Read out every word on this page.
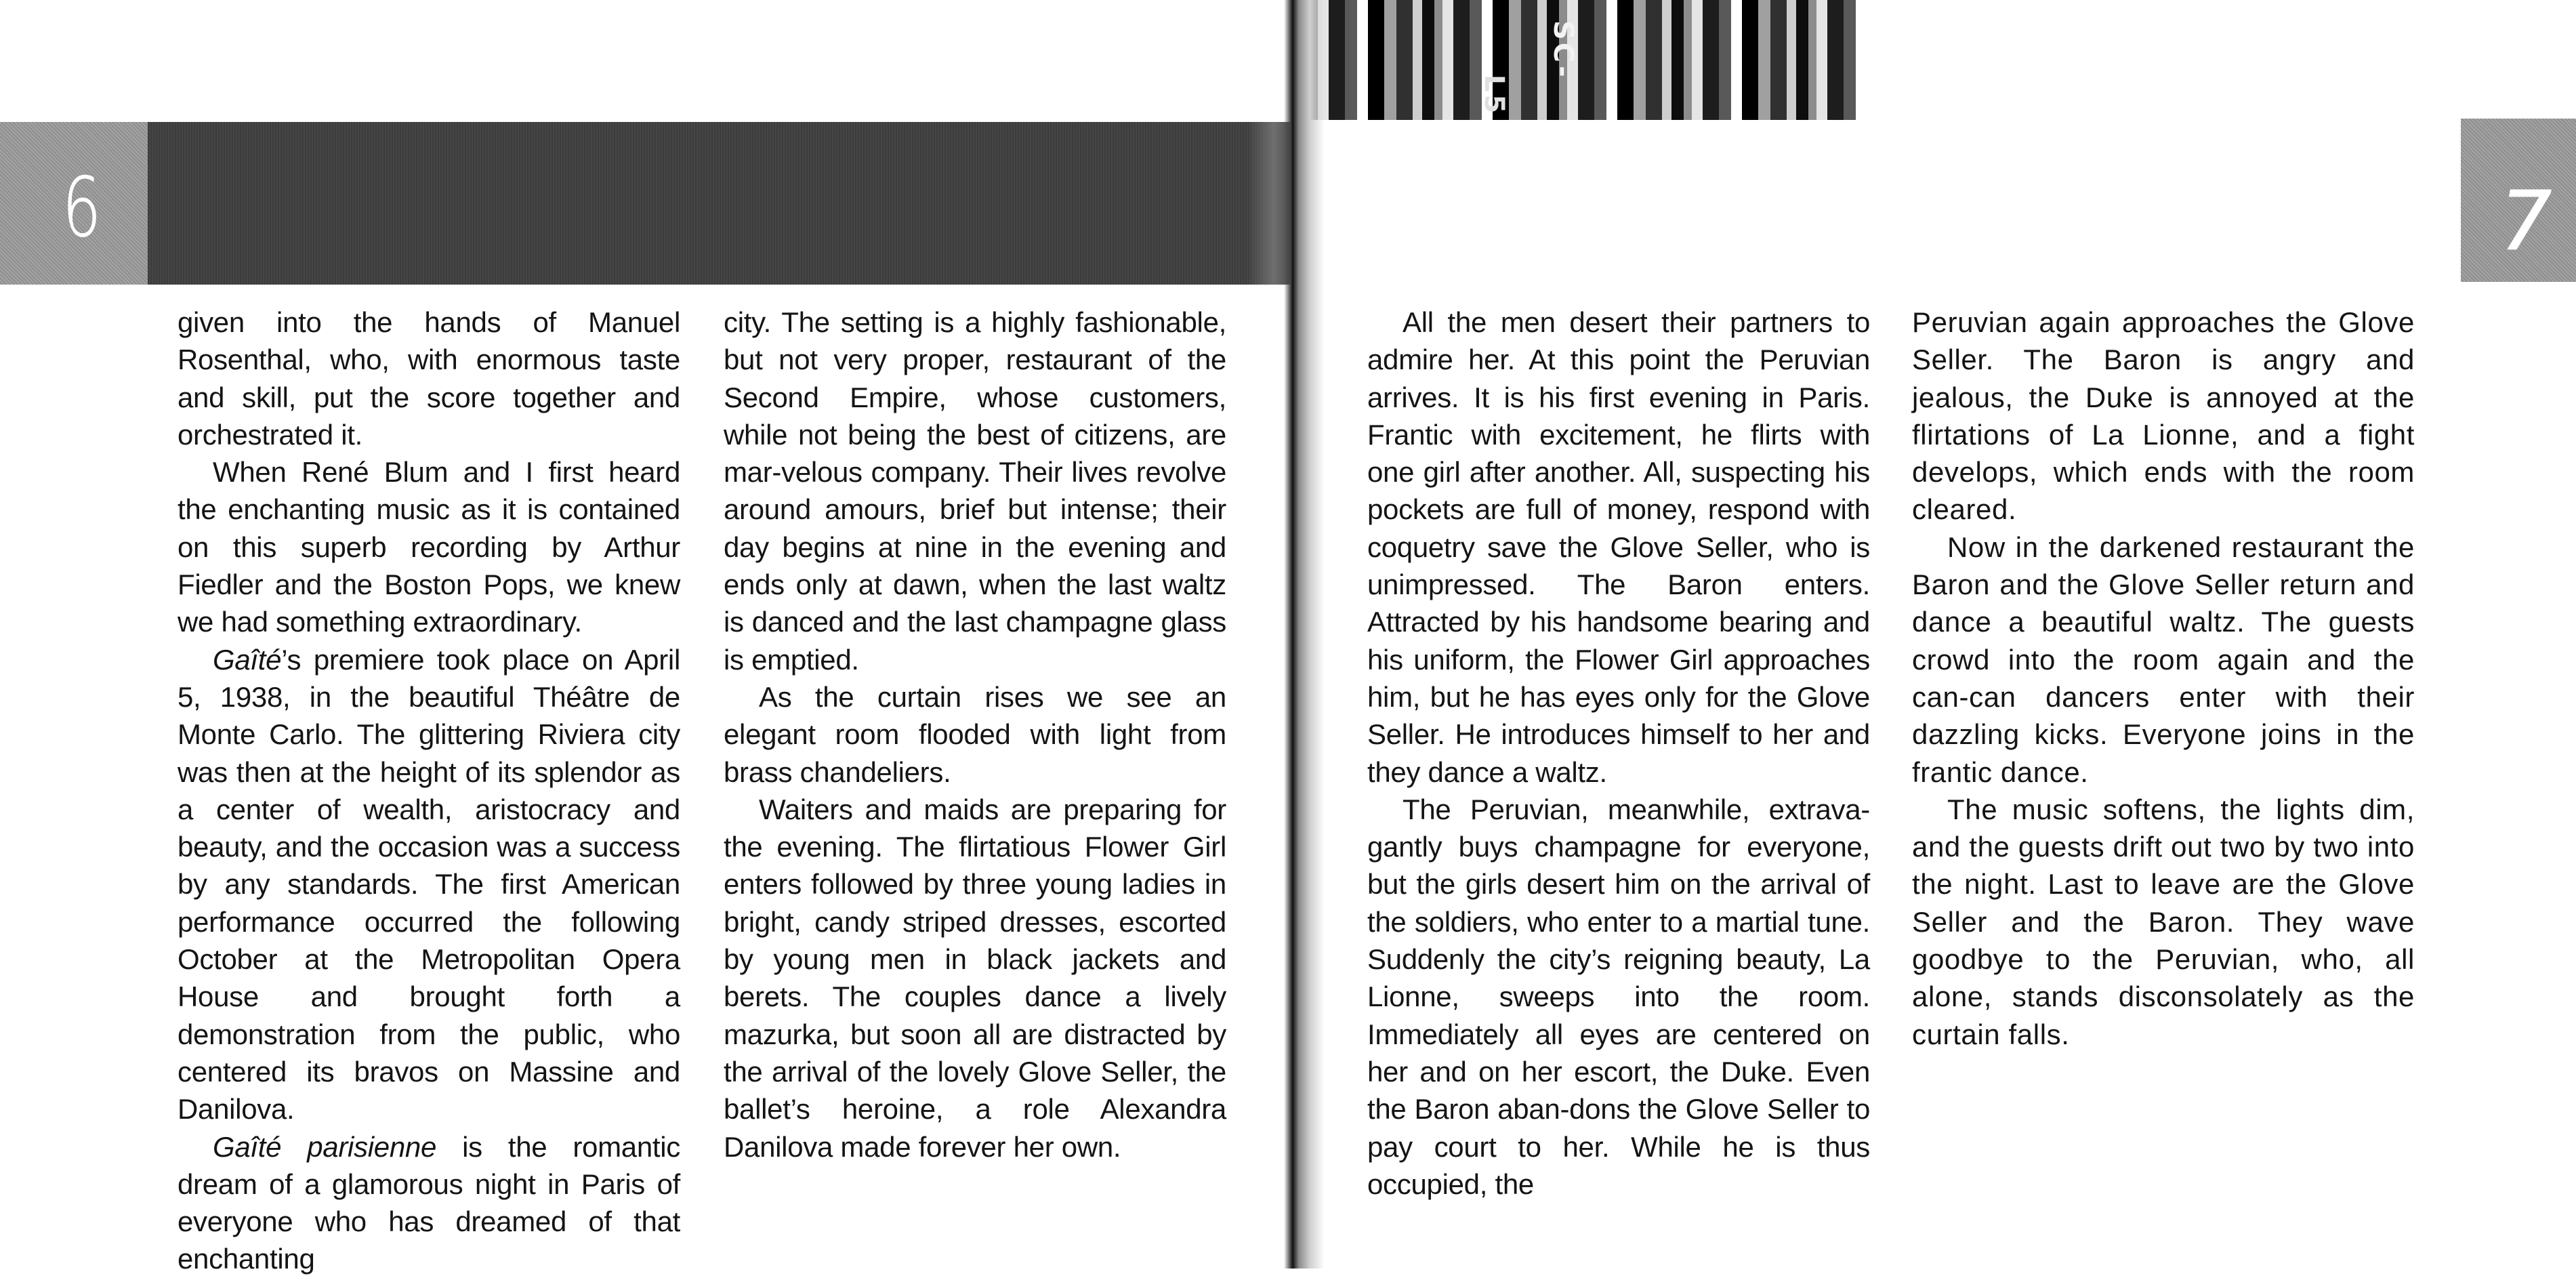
6	7
SC-
L5

given into the hands of Manuel Rosenthal, who, with enormous taste and skill, put the score together and orchestrated it.

When René Blum and I first heard the enchanting music as it is contained on this superb recording by Arthur Fiedler and the Boston Pops, we knew we had something extraordinary.

Gaîté’s premiere took place on April 5, 1938, in the beautiful Théâtre de Monte Carlo. The glittering Riviera city was then at the height of its splendor as a center of wealth, aristocracy and beauty, and the occasion was a success by any standards. The first American performance occurred the following October at the Metropolitan Opera House and brought forth a demonstration from the public, who centered its bravos on Massine and Danilova.

Gaîté parisienne is the romantic dream of a glamorous night in Paris of everyone who has dreamed of that enchanting

city. The setting is a highly fashionable, but not very proper, restaurant of the Second Empire, whose customers, while not being the best of citizens, are mar-velous company. Their lives revolve around amours, brief but intense; their day begins at nine in the evening and ends only at dawn, when the last waltz is danced and the last champagne glass is emptied.

As the curtain rises we see an elegant room flooded with light from brass chandeliers.

Waiters and maids are preparing for the evening. The flirtatious Flower Girl enters followed by three young ladies in bright, candy striped dresses, escorted by young men in black jackets and berets. The couples dance a lively mazurka, but soon all are distracted by the arrival of the lovely Glove Seller, the ballet’s heroine, a role Alexandra Danilova made forever her own.

All the men desert their partners to admire her. At this point the Peruvian arrives. It is his first evening in Paris. Frantic with excitement, he flirts with one girl after another. All, suspecting his pockets are full of money, respond with coquetry save the Glove Seller, who is unimpressed. The Baron enters. Attracted by his handsome bearing and his uniform, the Flower Girl approaches him, but he has eyes only for the Glove Seller. He introduces himself to her and they dance a waltz.

The Peruvian, meanwhile, extrava-gantly buys champagne for everyone, but the girls desert him on the arrival of the soldiers, who enter to a martial tune. Suddenly the city’s reigning beauty, La Lionne, sweeps into the room. Immediately all eyes are centered on her and on her escort, the Duke. Even the Baron aban-dons the Glove Seller to pay court to her. While he is thus occupied, the

Peruvian again approaches the Glove Seller. The Baron is angry and jealous, the Duke is annoyed at the flirtations of La Lionne, and a fight develops, which ends with the room cleared.

Now in the darkened restaurant the Baron and the Glove Seller return and dance a beautiful waltz. The guests crowd into the room again and the can-can dancers enter with their dazzling kicks. Everyone joins in the frantic dance.

The music softens, the lights dim, and the guests drift out two by two into the night. Last to leave are the Glove Seller and the Baron. They wave goodbye to the Peruvian, who, all alone, stands disconsolately as the curtain falls.
